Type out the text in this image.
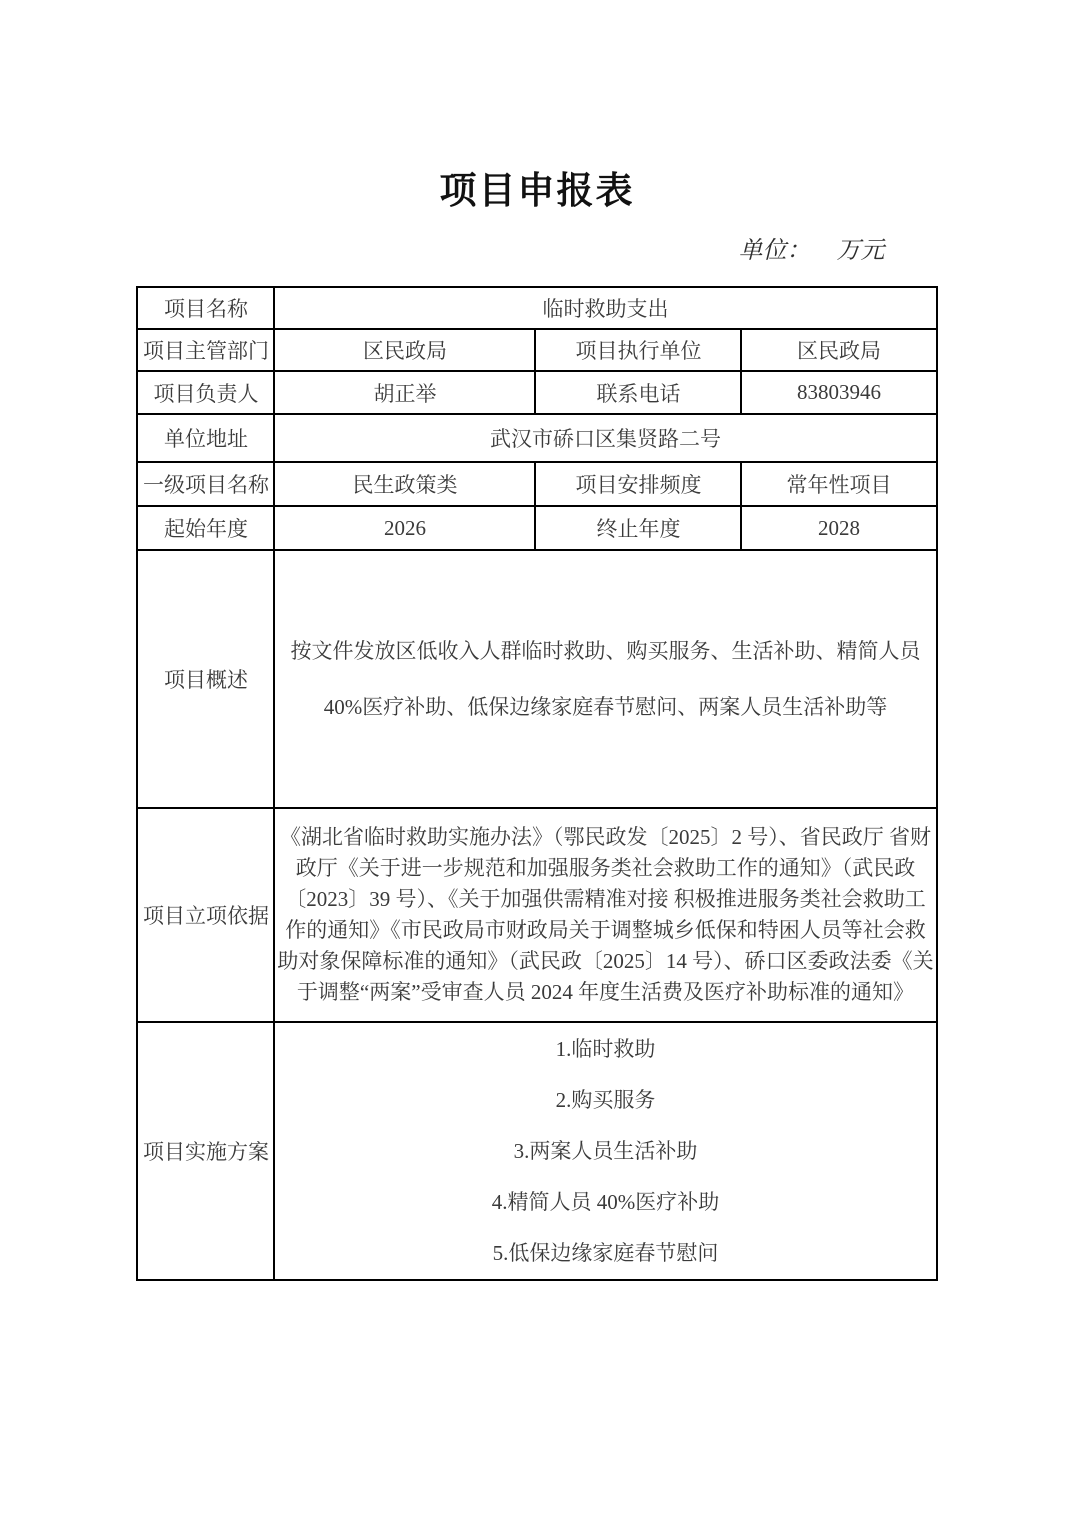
项目申报表
单位： 万元
项目名称	临时救助支出		
项目主管部门	区民政局	项目执行单位	区民政局
项目负责人	胡正举	联系电话	83803946
单位地址	武汉市硚口区集贤路二号		
一级项目名称	民生政策类	项目安排频度	常年性项目
起始年度	2026	终止年度	2028
项目概述	按文件发放区低收入人群临时救助、购买服务、生活补助、精简人员 40%医疗补助、低保边缘家庭春节慰问、两案人员生活补助等		
项目立项依据	《湖北省临时救助实施办法》（鄂民政发〔2025〕2 号）、省民政厅 省财政厅《关于进一步规范和加强服务类社会救助工作的通知》（武民政〔2023〕39 号）、《关于加强供需精准对接 积极推进服务类社会救助工作的通知》《市民政局市财政局关于调整城乡低保和特困人员等社会救助对象保障标准的通知》（武民政〔2025〕14 号）、硚口区委政法委《关于调整“两案”受审查人员 2024 年度生活费及医疗补助标准的通知》		
项目实施方案	1.临时救助
2.购买服务
3.两案人员生活补助
4.精简人员 40%医疗补助
5.低保边缘家庭春节慰问		
